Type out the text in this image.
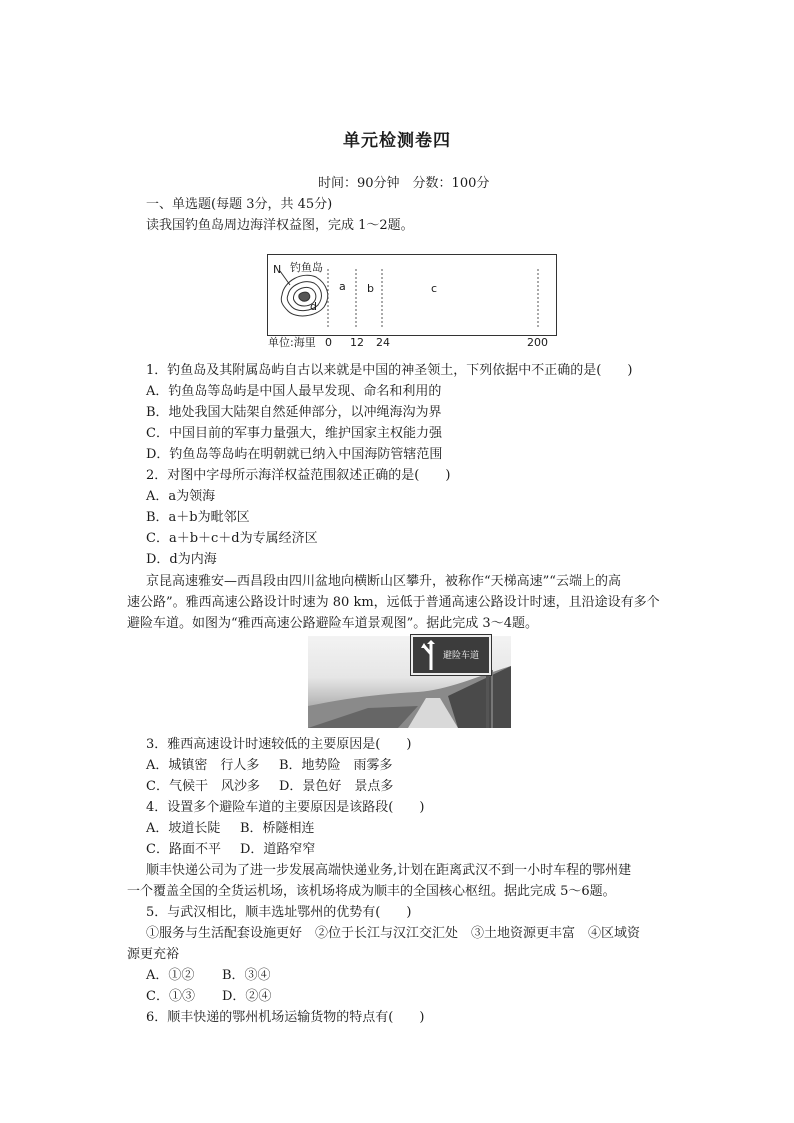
单元检测卷四
时间：90分钟　分数：100分
一、单选题(每题 3分，共 45分)
读我国钓鱼岛周边海洋权益图，完成 1～2题。
N 钓鱼岛
a b	c
d
单位:海里 0 12 24	200
1．钓鱼岛及其附属岛屿自古以来就是中国的神圣领土，下列依据中不正确的是(　　)
A．钓鱼岛等岛屿是中国人最早发现、命名和利用的
B．地处我国大陆架自然延伸部分，以冲绳海沟为界
C．中国目前的军事力量强大，维护国家主权能力强
D．钓鱼岛等岛屿在明朝就已纳入中国海防管辖范围
2．对图中字母所示海洋权益范围叙述正确的是(　　)
A．a为领海
B．a＋b为毗邻区
C．a＋b＋c＋d为专属经济区
D．d为内海
京昆高速雅安—西昌段由四川盆地向横断山区攀升，被称作“天梯高速”“云端上的高
速公路”。雅西高速公路设计时速为 80 km，远低于普通高速公路设计时速，且沿途设有多个
避险车道。如图为“雅西高速公路避险车道景观图”。据此完成 3～4题。
避险车道
3．雅西高速设计时速较低的主要原因是(　　)
A．城镇密　行人多 B．地势险　雨雾多
C．气候干　风沙多 D．景色好　景点多
4．设置多个避险车道的主要原因是该路段(　　)
A．坡道长陡 B．桥隧相连
C．路面不平 D．道路窄窄
顺丰快递公司为了进一步发展高端快递业务,计划在距离武汉不到一小时车程的鄂州建
一个覆盖全国的全货运机场，该机场将成为顺丰的全国核心枢纽。据此完成 5～6题。
5．与武汉相比，顺丰选址鄂州的优势有(　　)
①服务与生活配套设施更好　②位于长江与汉江交汇处　③土地资源更丰富　④区域资
源更充裕
A．①② B．③④
C．①③ D．②④
6．顺丰快递的鄂州机场运输货物的特点有(　　)
